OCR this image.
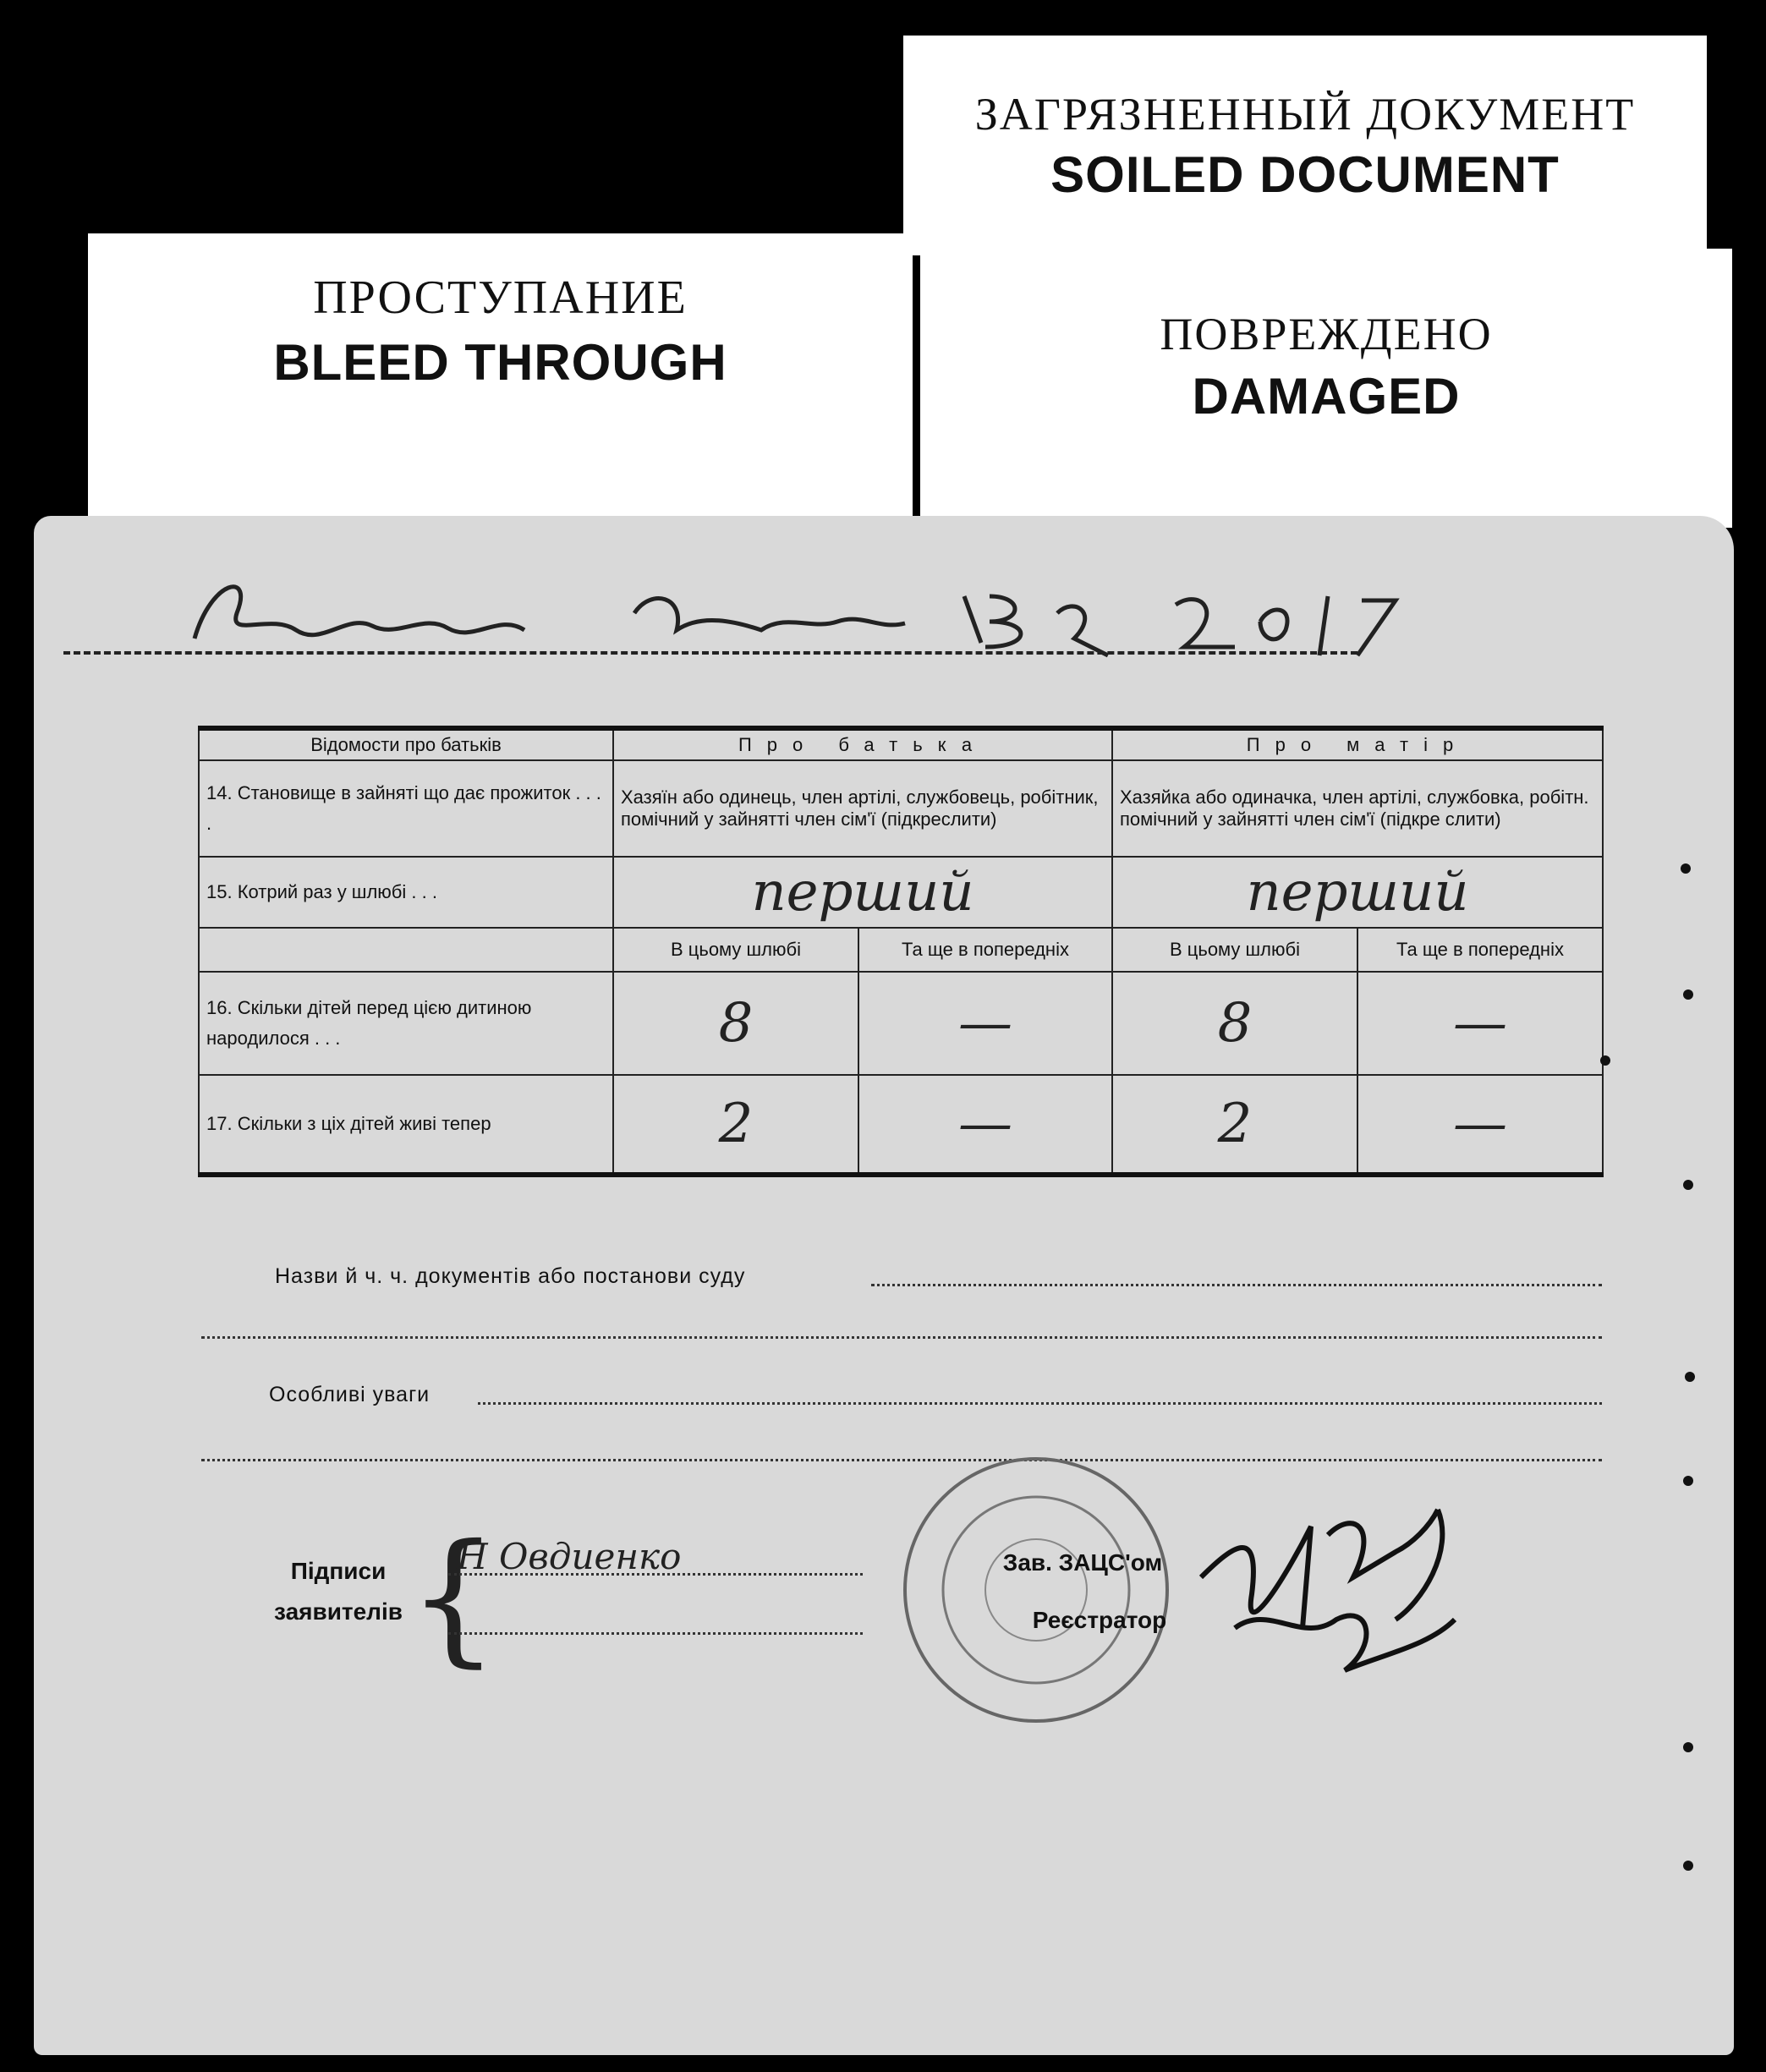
ЗАГРЯЗНЕННЫЙ ДОКУМЕНТ
SOILED DOCUMENT
ПРОСТУПАНИЕ
BLEED THROUGH	ПОВРЕЖДЕНО
DAMAGED
Відомости про батьків	Про батька		Про матір	
14. Становище в зайняті що дає прожиток . . . .	Хазяїн або одинець, член артілі, службовець, робітник, помічний у зайнятті член сім'ї (підкреслити)		Хазяйка або одиначка, член артілі, службовка, робітн. помічний у зайнятті член сім'ї (підкре слити)	
15. Котрий раз у шлюбі . . .	перший		перший	
	В цьому шлюбі	Та ще в попередніх	В цьому шлюбі	Та ще в попередніх
16. Скільки дітей перед цією дитиною народилося . . .	8	—	8	—
17. Скільки з ціх дітей живі тепер	2	—	2	—
Назви й ч. ч. документів або постанови суду
Особливі уваги
Підписи
заявителів {
Н Овдиенко	Зав. ЗАЦС'ом
Реєстратор
